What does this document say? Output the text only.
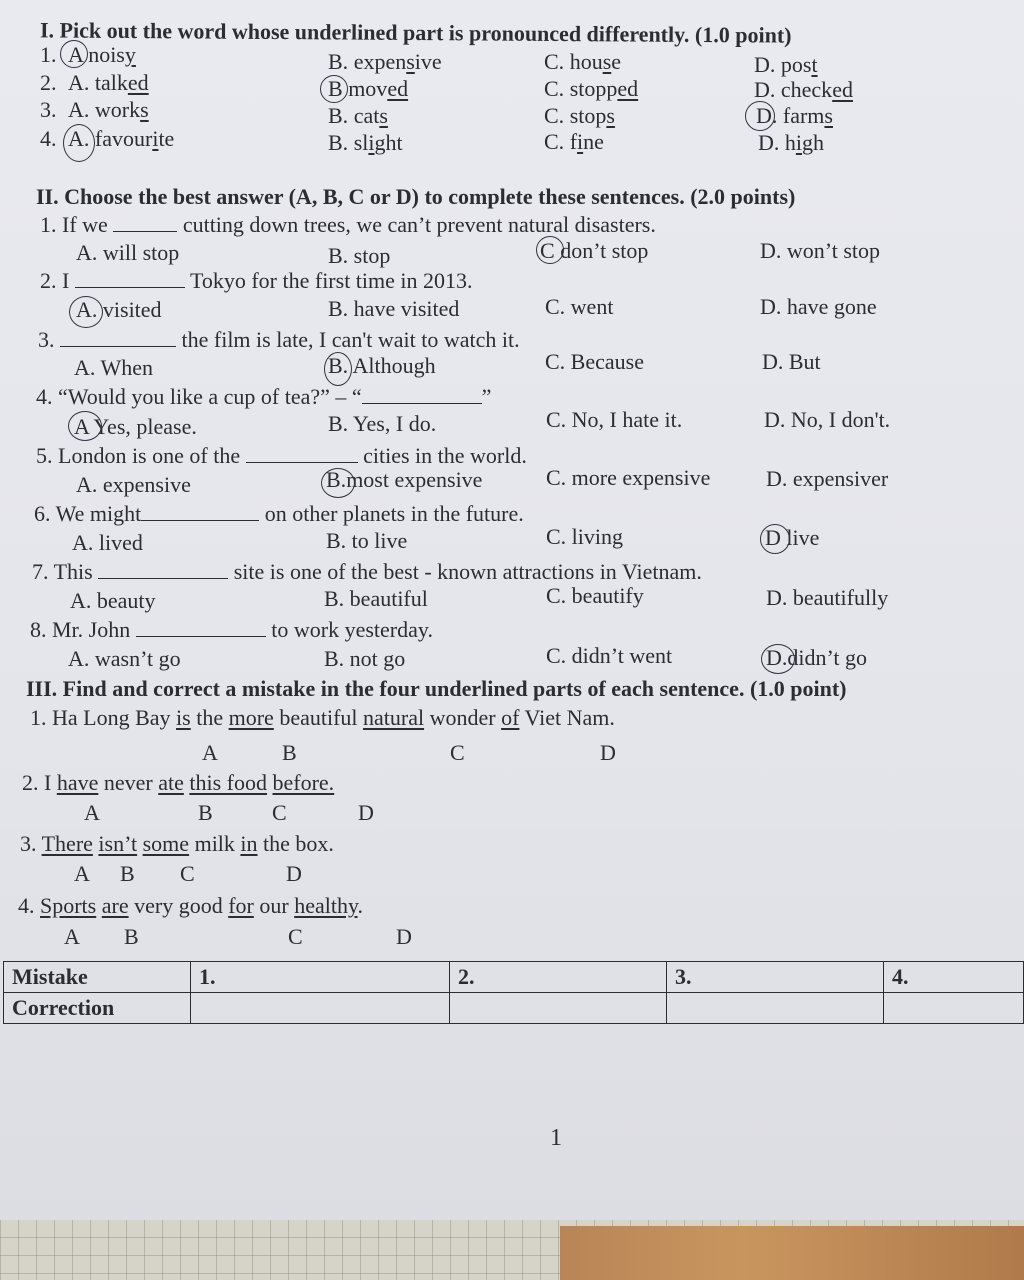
I. Pick out the word whose underlined part is pronounced differently. (1.0 point)
1. A noisy	B. expensive	C. house	D. post
2. A. talked	B moved	C. stopped	D. checked
3. A. works	B. cats	C. stops	D. farms
4. A. favourite	B. slight	C. fine	D. high
II. Choose the best answer (A, B, C or D) to complete these sentences. (2.0 points)
1. If we	cutting down trees, we can’t prevent natural disasters.
A. will stop	B. stop	C don’t stop	D. won’t stop
2. I	Tokyo for the first time in 2013.
A. visited	B. have visited	C. went	D. have gone
3.	the film is late, I can't wait to watch it.
A. When	B. Although	C. Because	D. But
4. “Would you like a cup of tea?” – “	”
A Yes, please.	B. Yes, I do.	C. No, I hate it.	D. No, I don't.
5. London is one of the	cities in the world.
A. expensive	B.most expensive	C. more expensive	D. expensiver
6. We might	on other planets in the future.
A. lived	B. to live	C. living	D live
7. This	site is one of the best - known attractions in Vietnam.
A. beauty	B. beautiful	C. beautify	D. beautifully
8. Mr. John	to work yesterday.
A. wasn’t go	B. not go	C. didn’t went	D.didn’t go
III. Find and correct a mistake in the four underlined parts of each sentence. (1.0 point)
1. Ha Long Bay is the more beautiful natural wonder of Viet Nam.
A	B	C	D
2. I have never ate this food before.
A	B	C	D
3. There isn’t some milk in the box.
A B C	D
4. Sports are very good for our healthy.
A B	C	D
Mistake	1.	2.	3.	4.
Correction				
1
